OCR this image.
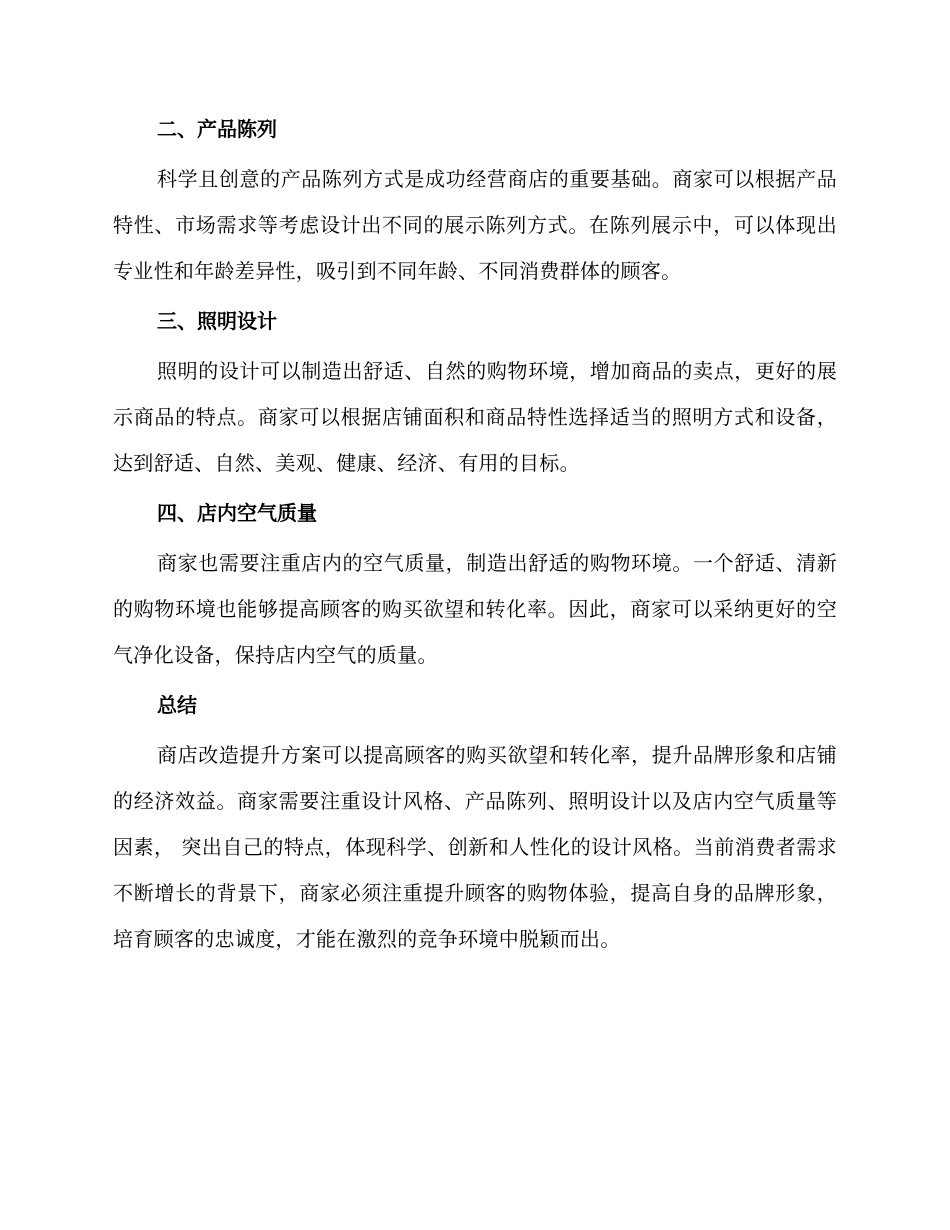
二、产品陈列

科学且创意的产品陈列方式是成功经营商店的重要基础。商家可以根据产品特性、市场需求等考虑设计出不同的展示陈列方式。在陈列展示中，可以体现出专业性和年龄差异性，吸引到不同年龄、不同消费群体的顾客。

三、照明设计

照明的设计可以制造出舒适、自然的购物环境，增加商品的卖点，更好的展示商品的特点。商家可以根据店铺面积和商品特性选择适当的照明方式和设备，达到舒适、自然、美观、健康、经济、有用的目标。

四、店内空气质量

商家也需要注重店内的空气质量，制造出舒适的购物环境。一个舒适、清新的购物环境也能够提高顾客的购买欲望和转化率。因此，商家可以采纳更好的空气净化设备，保持店内空气的质量。

总结

商店改造提升方案可以提高顾客的购买欲望和转化率，提升品牌形象和店铺的经济效益。商家需要注重设计风格、产品陈列、照明设计以及店内空气质量等因素， 突出自己的特点，体现科学、创新和人性化的设计风格。当前消费者需求不断增长的背景下，商家必须注重提升顾客的购物体验，提高自身的品牌形象，培育顾客的忠诚度，才能在激烈的竞争环境中脱颖而出。
